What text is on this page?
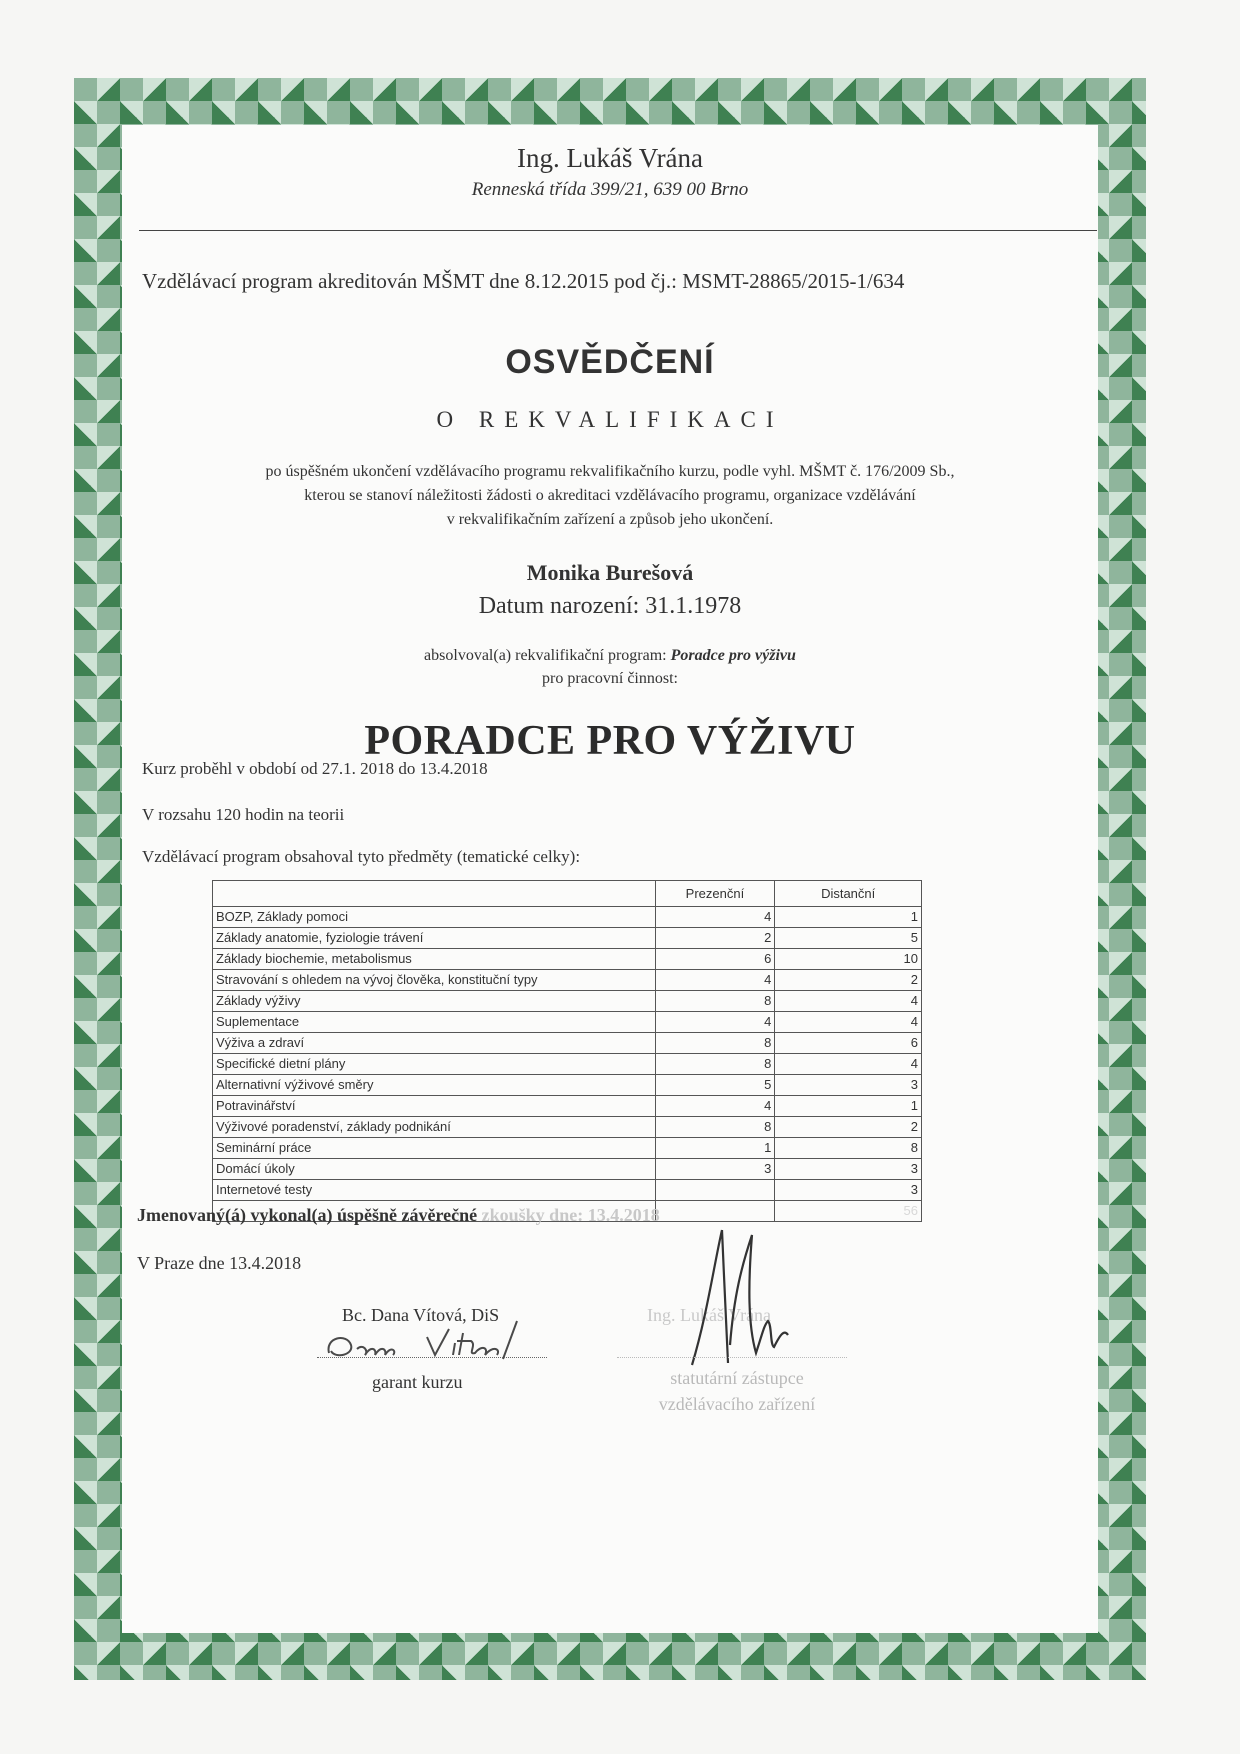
Ing. Lukáš Vrána
Renneská třída 399/21, 639 00 Brno
Vzdělávací program akreditován MŠMT dne 8.12.2015 pod čj.: MSMT-28865/2015-1/634
OSVĚDČENÍ
O REKVALIFIKACI
po úspěšném ukončení vzdělávacího programu rekvalifikačního kurzu, podle vyhl. MŠMT č. 176/2009 Sb.,
kterou se stanoví náležitosti žádosti o akreditaci vzdělávacího programu, organizace vzdělávání
v rekvalifikačním zařízení a způsob jeho ukončení.
Monika Burešová
Datum narození: 31.1.1978
absolvoval(a) rekvalifikační program: Poradce pro výživu
pro pracovní činnost:
PORADCE PRO VÝŽIVU
Kurz proběhl v období od 27.1. 2018 do 13.4.2018
V rozsahu 120 hodin na teorii
Vzdělávací program obsahoval tyto předměty (tematické celky):
	Prezenční	Distanční
BOZP, Základy pomoci	4	1
Základy anatomie, fyziologie trávení	2	5
Základy biochemie, metabolismus	6	10
Stravování s ohledem na vývoj člověka, konstituční typy	4	2
Základy výživy	8	4
Suplementace	4	4
Výživa a zdraví	8	6
Specifické dietní plány	8	4
Alternativní výživové směry	5	3
Potravinářství	4	1
Výživové poradenství, základy podnikání	8	2
Seminární práce	1	8
Domácí úkoly	3	3
Internetové testy		3
		56
Jmenovaný(á) vykonal(a) úspěšně závěrečné zkoušky dne: 13.4.2018
V Praze dne 13.4.2018
Bc. Dana Vítová, DiS
garant kurzu
Ing. Lukáš Vrána
statutární zástupce
vzdělávacího zařízení
